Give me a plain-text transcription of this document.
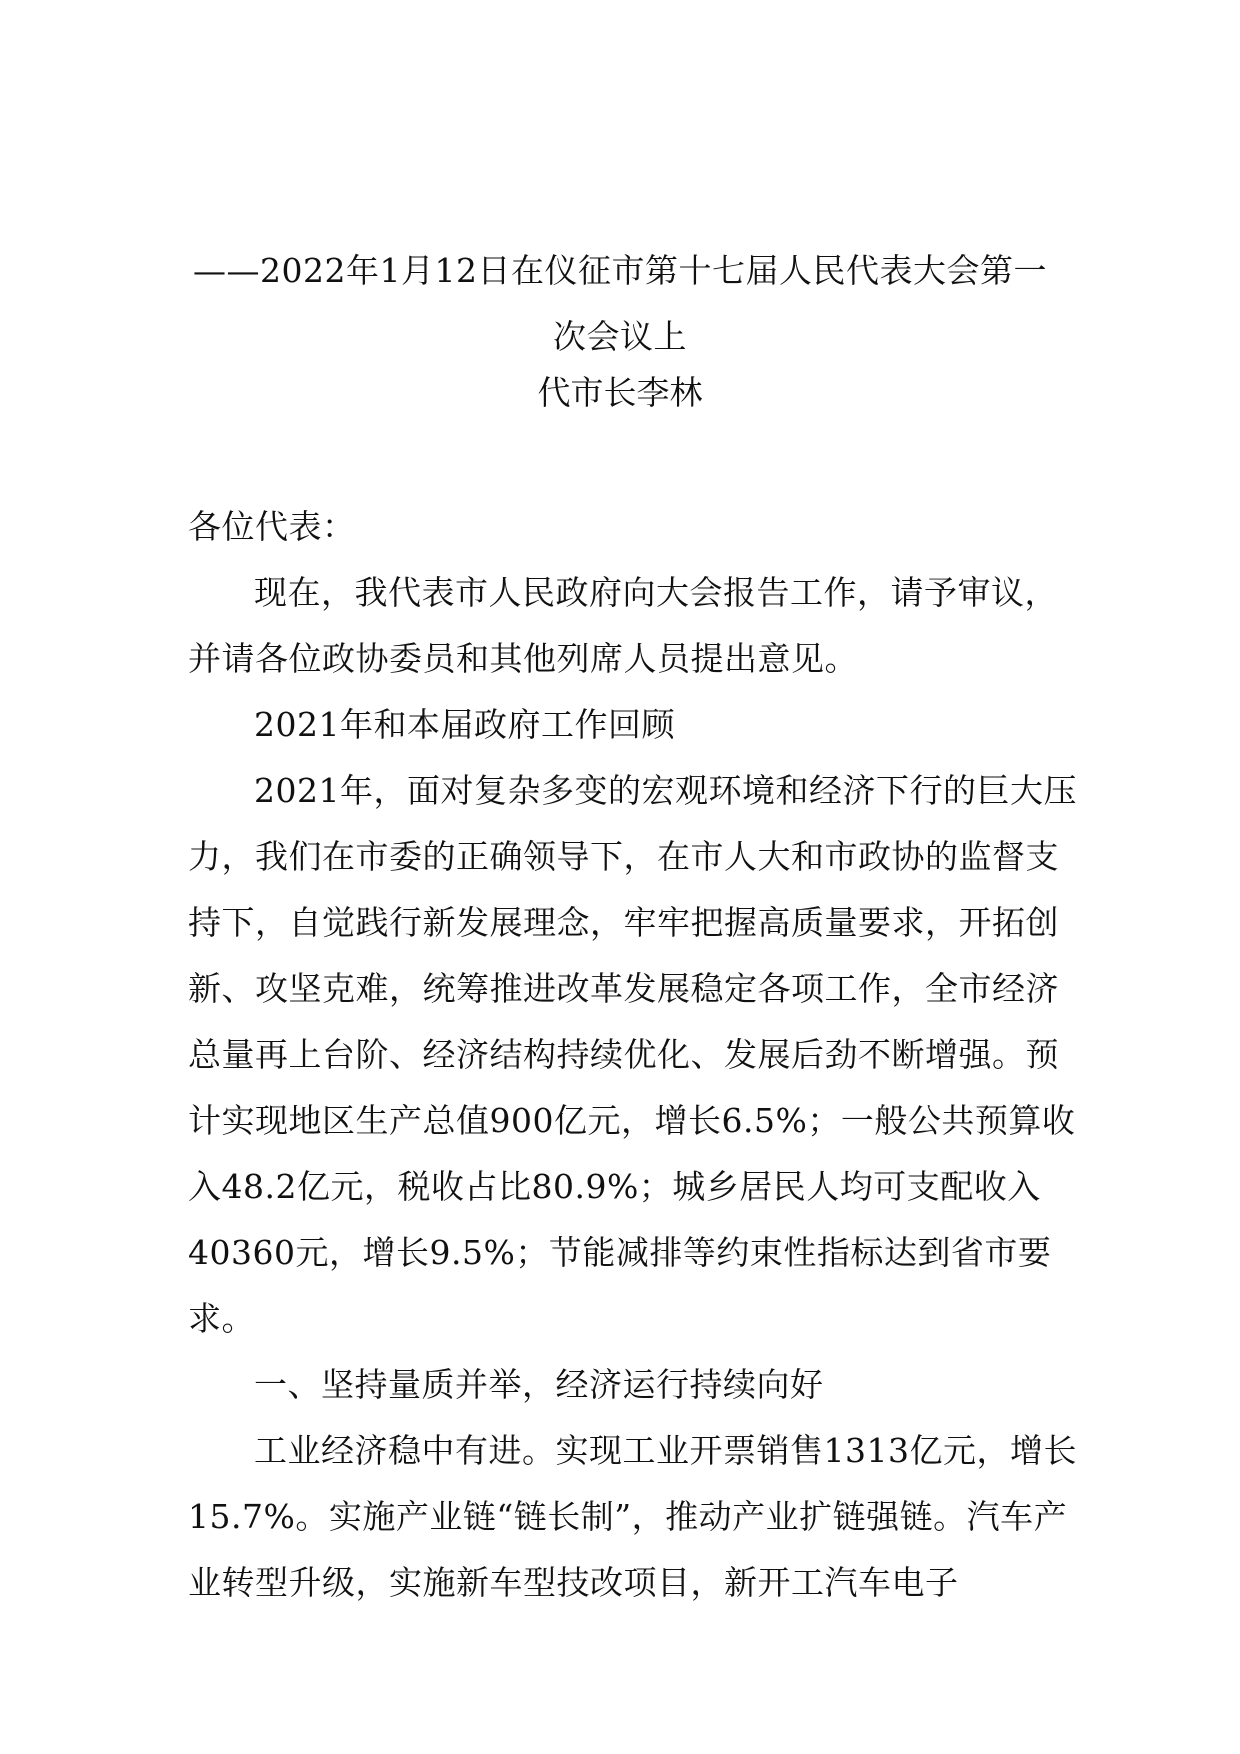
——2022年1月12日在仪征市第十七届人民代表大会第一次会议上
代市长李林

各位代表：

现在，我代表市人民政府向大会报告工作，请予审议，并请各位政协委员和其他列席人员提出意见。

2021年和本届政府工作回顾

2021年，面对复杂多变的宏观环境和经济下行的巨大压力，我们在市委的正确领导下，在市人大和市政协的监督支持下，自觉践行新发展理念，牢牢把握高质量要求，开拓创新、攻坚克难，统筹推进改革发展稳定各项工作，全市经济总量再上台阶、经济结构持续优化、发展后劲不断增强。预计实现地区生产总值900亿元，增长6.5%；一般公共预算收入48.2亿元，税收占比80.9%；城乡居民人均可支配收入40360元，增长9.5%；节能减排等约束性指标达到省市要求。

一、坚持量质并举，经济运行持续向好

工业经济稳中有进。实现工业开票销售1313亿元，增长15.7%。实施产业链“链长制”，推动产业扩链强链。汽车产业转型升级，实施新车型技改项目，新开工汽车电子
